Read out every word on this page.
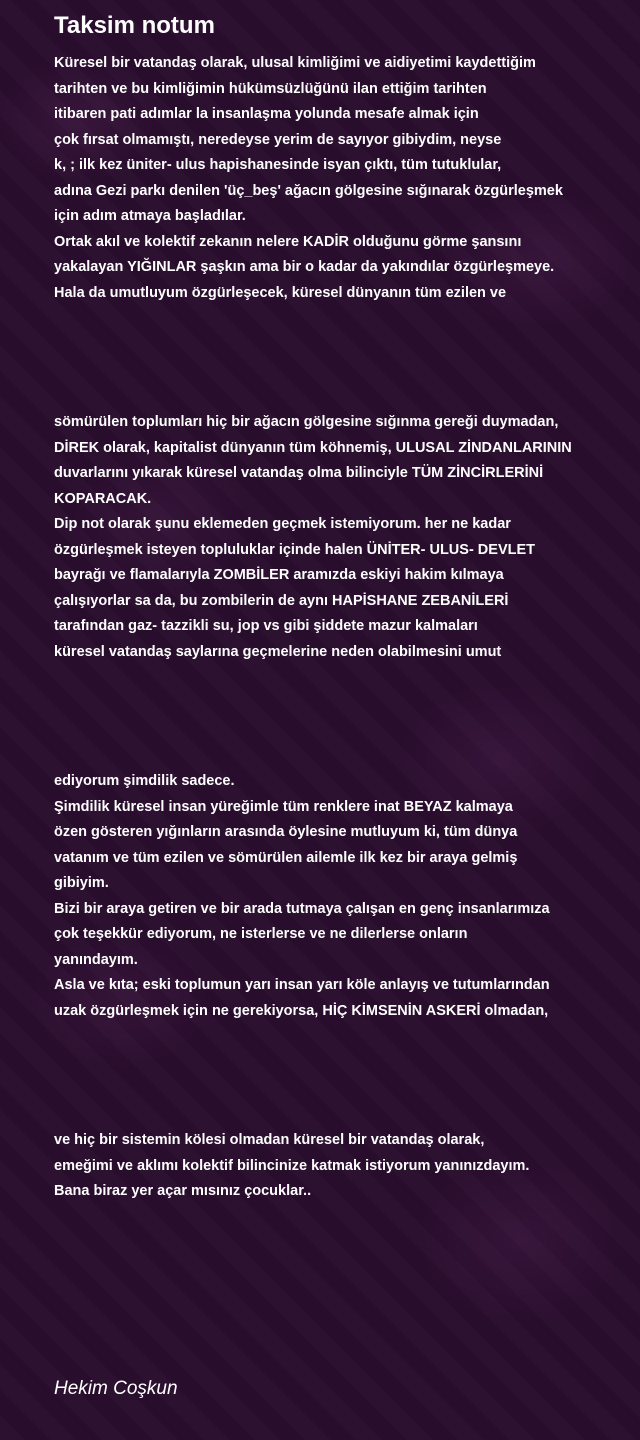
Taksim notum
Küresel bir vatandaş olarak, ulusal kimliğimi ve aidiyetimi kaydettiğim
tarihten ve bu kimliğimin hükümsüzlüğünü ilan ettiğim tarihten
itibaren pati adımlar la insanlaşma yolunda mesafe almak için
çok fırsat olmamıştı, neredeyse yerim de sayıyor gibiydim, neyse
k, ; ilk kez üniter- ulus hapishanesinde isyan çıktı, tüm tutuklular,
adına Gezi parkı denilen 'üç_beş' ağacın gölgesine sığınarak özgürleşmek
için adım atmaya başladılar.
Ortak akıl ve kolektif zekanın nelere KADİR olduğunu görme şansını
yakalayan YIĞINLAR şaşkın ama bir o kadar da yakındılar özgürleşmeye.
Hala da umutluyum özgürleşecek, küresel dünyanın tüm ezilen ve
sömürülen toplumları hiç bir ağacın gölgesine sığınma gereği duymadan,
DİREK olarak, kapitalist dünyanın tüm köhnemiş, ULUSAL ZİNDANLARININ
duvarlarını yıkarak küresel vatandaş olma bilinciyle TÜM ZİNCİRLERİNİ
KOPARACAK.
Dip not olarak şunu eklemeden geçmek istemiyorum. her ne kadar
özgürleşmek isteyen topluluklar içinde halen ÜNİTER- ULUS- DEVLET
bayrağı ve flamalarıyla ZOMBİLER aramızda eskiyi hakim kılmaya
çalışıyorlar sa da, bu zombilerin de aynı HAPİSHANE ZEBANİLERİ
tarafından gaz- tazzikli su, jop vs gibi şiddete mazur kalmaları
küresel vatandaş saylarına geçmelerine neden olabilmesini umut
ediyorum şimdilik sadece.
Şimdilik küresel insan yüreğimle tüm renklere inat BEYAZ kalmaya
özen gösteren yığınların arasında öylesine mutluyum ki, tüm dünya
vatanım ve tüm ezilen ve sömürülen ailemle ilk kez bir araya gelmiş
gibiyim.
Bizi bir araya getiren ve bir arada tutmaya çalışan en genç insanlarımıza
çok teşekkür ediyorum, ne isterlerse ve ne dilerlerse onların
yanındayım.
Asla ve kıta; eski toplumun yarı insan yarı köle anlayış ve tutumlarından
uzak özgürleşmek için ne gerekiyorsa, HİÇ KİMSENİN ASKERİ olmadan,
ve hiç bir sistemin kölesi olmadan küresel bir vatandaş olarak,
emeğimi ve aklımı kolektif bilincinize katmak istiyorum yanınızdayım.
Bana biraz yer açar mısınız çocuklar..
Hekim Coşkun
